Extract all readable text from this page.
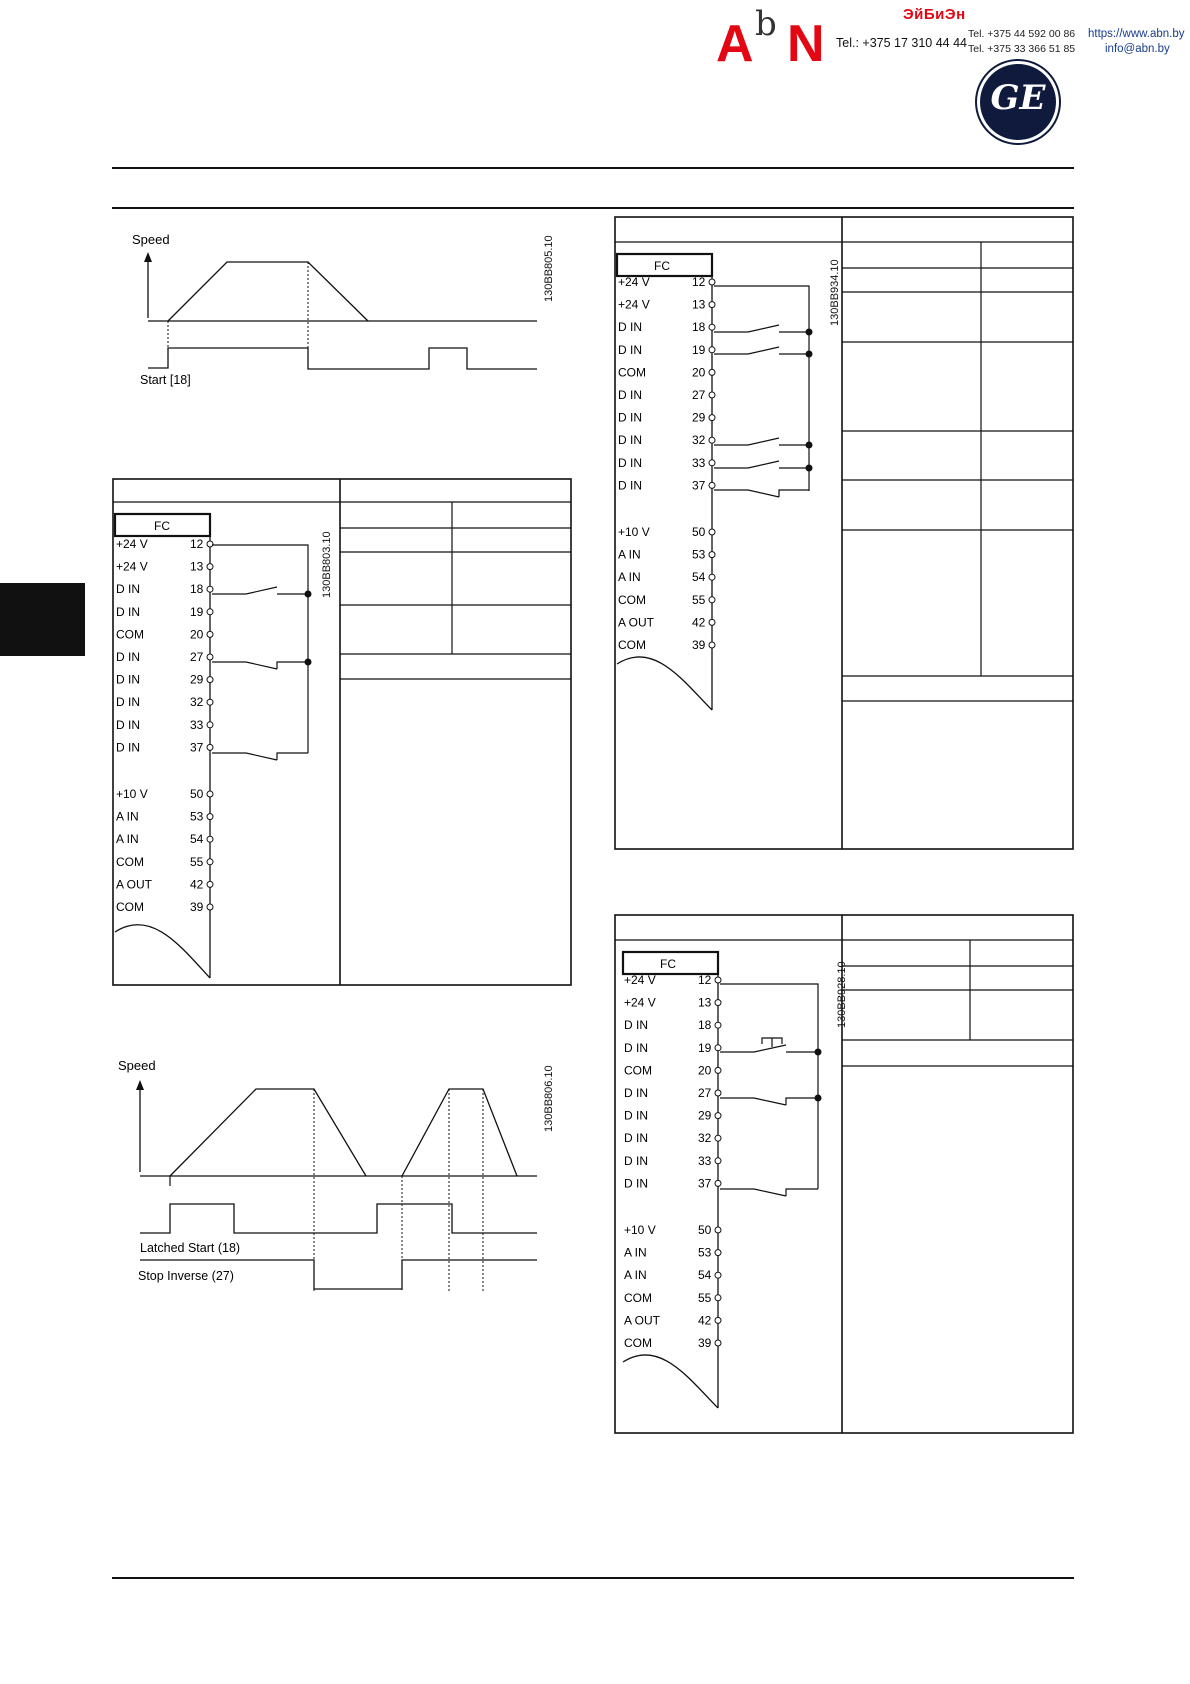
A b N
ЭйБиЭн
Tel.: +375 17 310 44 44
Tel. +375 44 592 00 86
Tel. +375 33 366 51 85
https://www.abn.by
info@abn.by
GE
Speed
Start [18]
130BB805.10
FC
+24 V	12
+24 V	13
D IN	18
D IN	19
COM	20
D IN	27
D IN	29
D IN	32
D IN	33
D IN	37
+10 V	50
A IN	53
A IN	54
COM	55
A OUT	42
COM	39
130BB803.10
Speed
Latched Start (18)
Stop Inverse (27)
130BB806.10
FC
+24 V	12
+24 V	13
D IN	18
D IN	19
COM	20
D IN	27
D IN	29
D IN	32
D IN	33
D IN	37
+10 V	50
A IN	53
A IN	54
COM	55
A OUT	42
COM	39
130BB934.10
FC
+24 V	12
+24 V	13
D IN	18
D IN	19
COM	20
D IN	27
D IN	29
D IN	32
D IN	33
D IN	37
+10 V	50
A IN	53
A IN	54
COM	55
A OUT	42
COM	39
130BB928.10
